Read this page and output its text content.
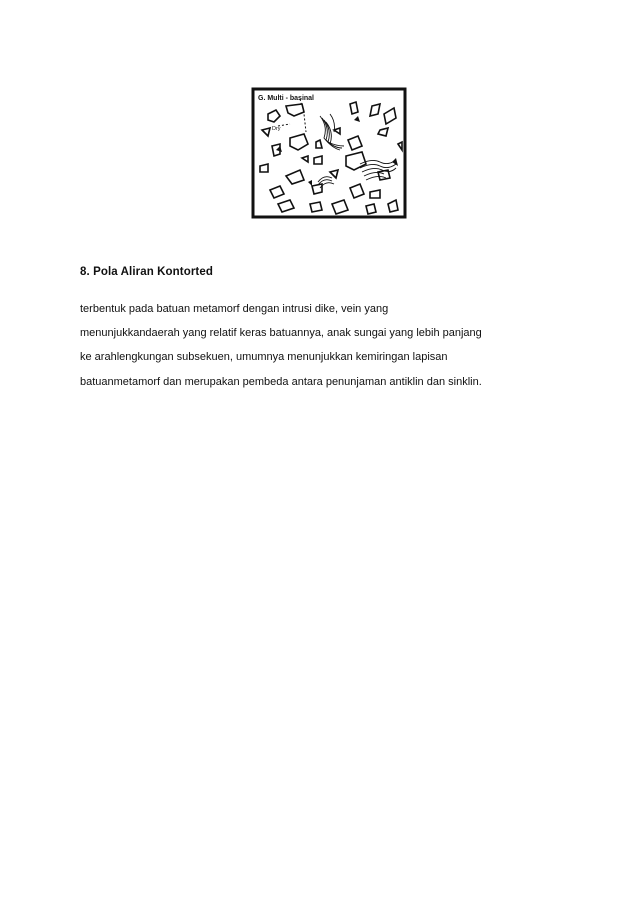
G. Multi - basinal
Dry
8. Pola Aliran Kontorted
terbentuk pada batuan metamorf dengan intrusi dike, vein yang
menunjukkandaerah yang relatif keras batuannya, anak sungai yang lebih panjang
ke arahlengkungan subsekuen, umumnya menunjukkan kemiringan lapisan
batuanmetamorf dan merupakan pembeda antara penunjaman antiklin dan sinklin.
